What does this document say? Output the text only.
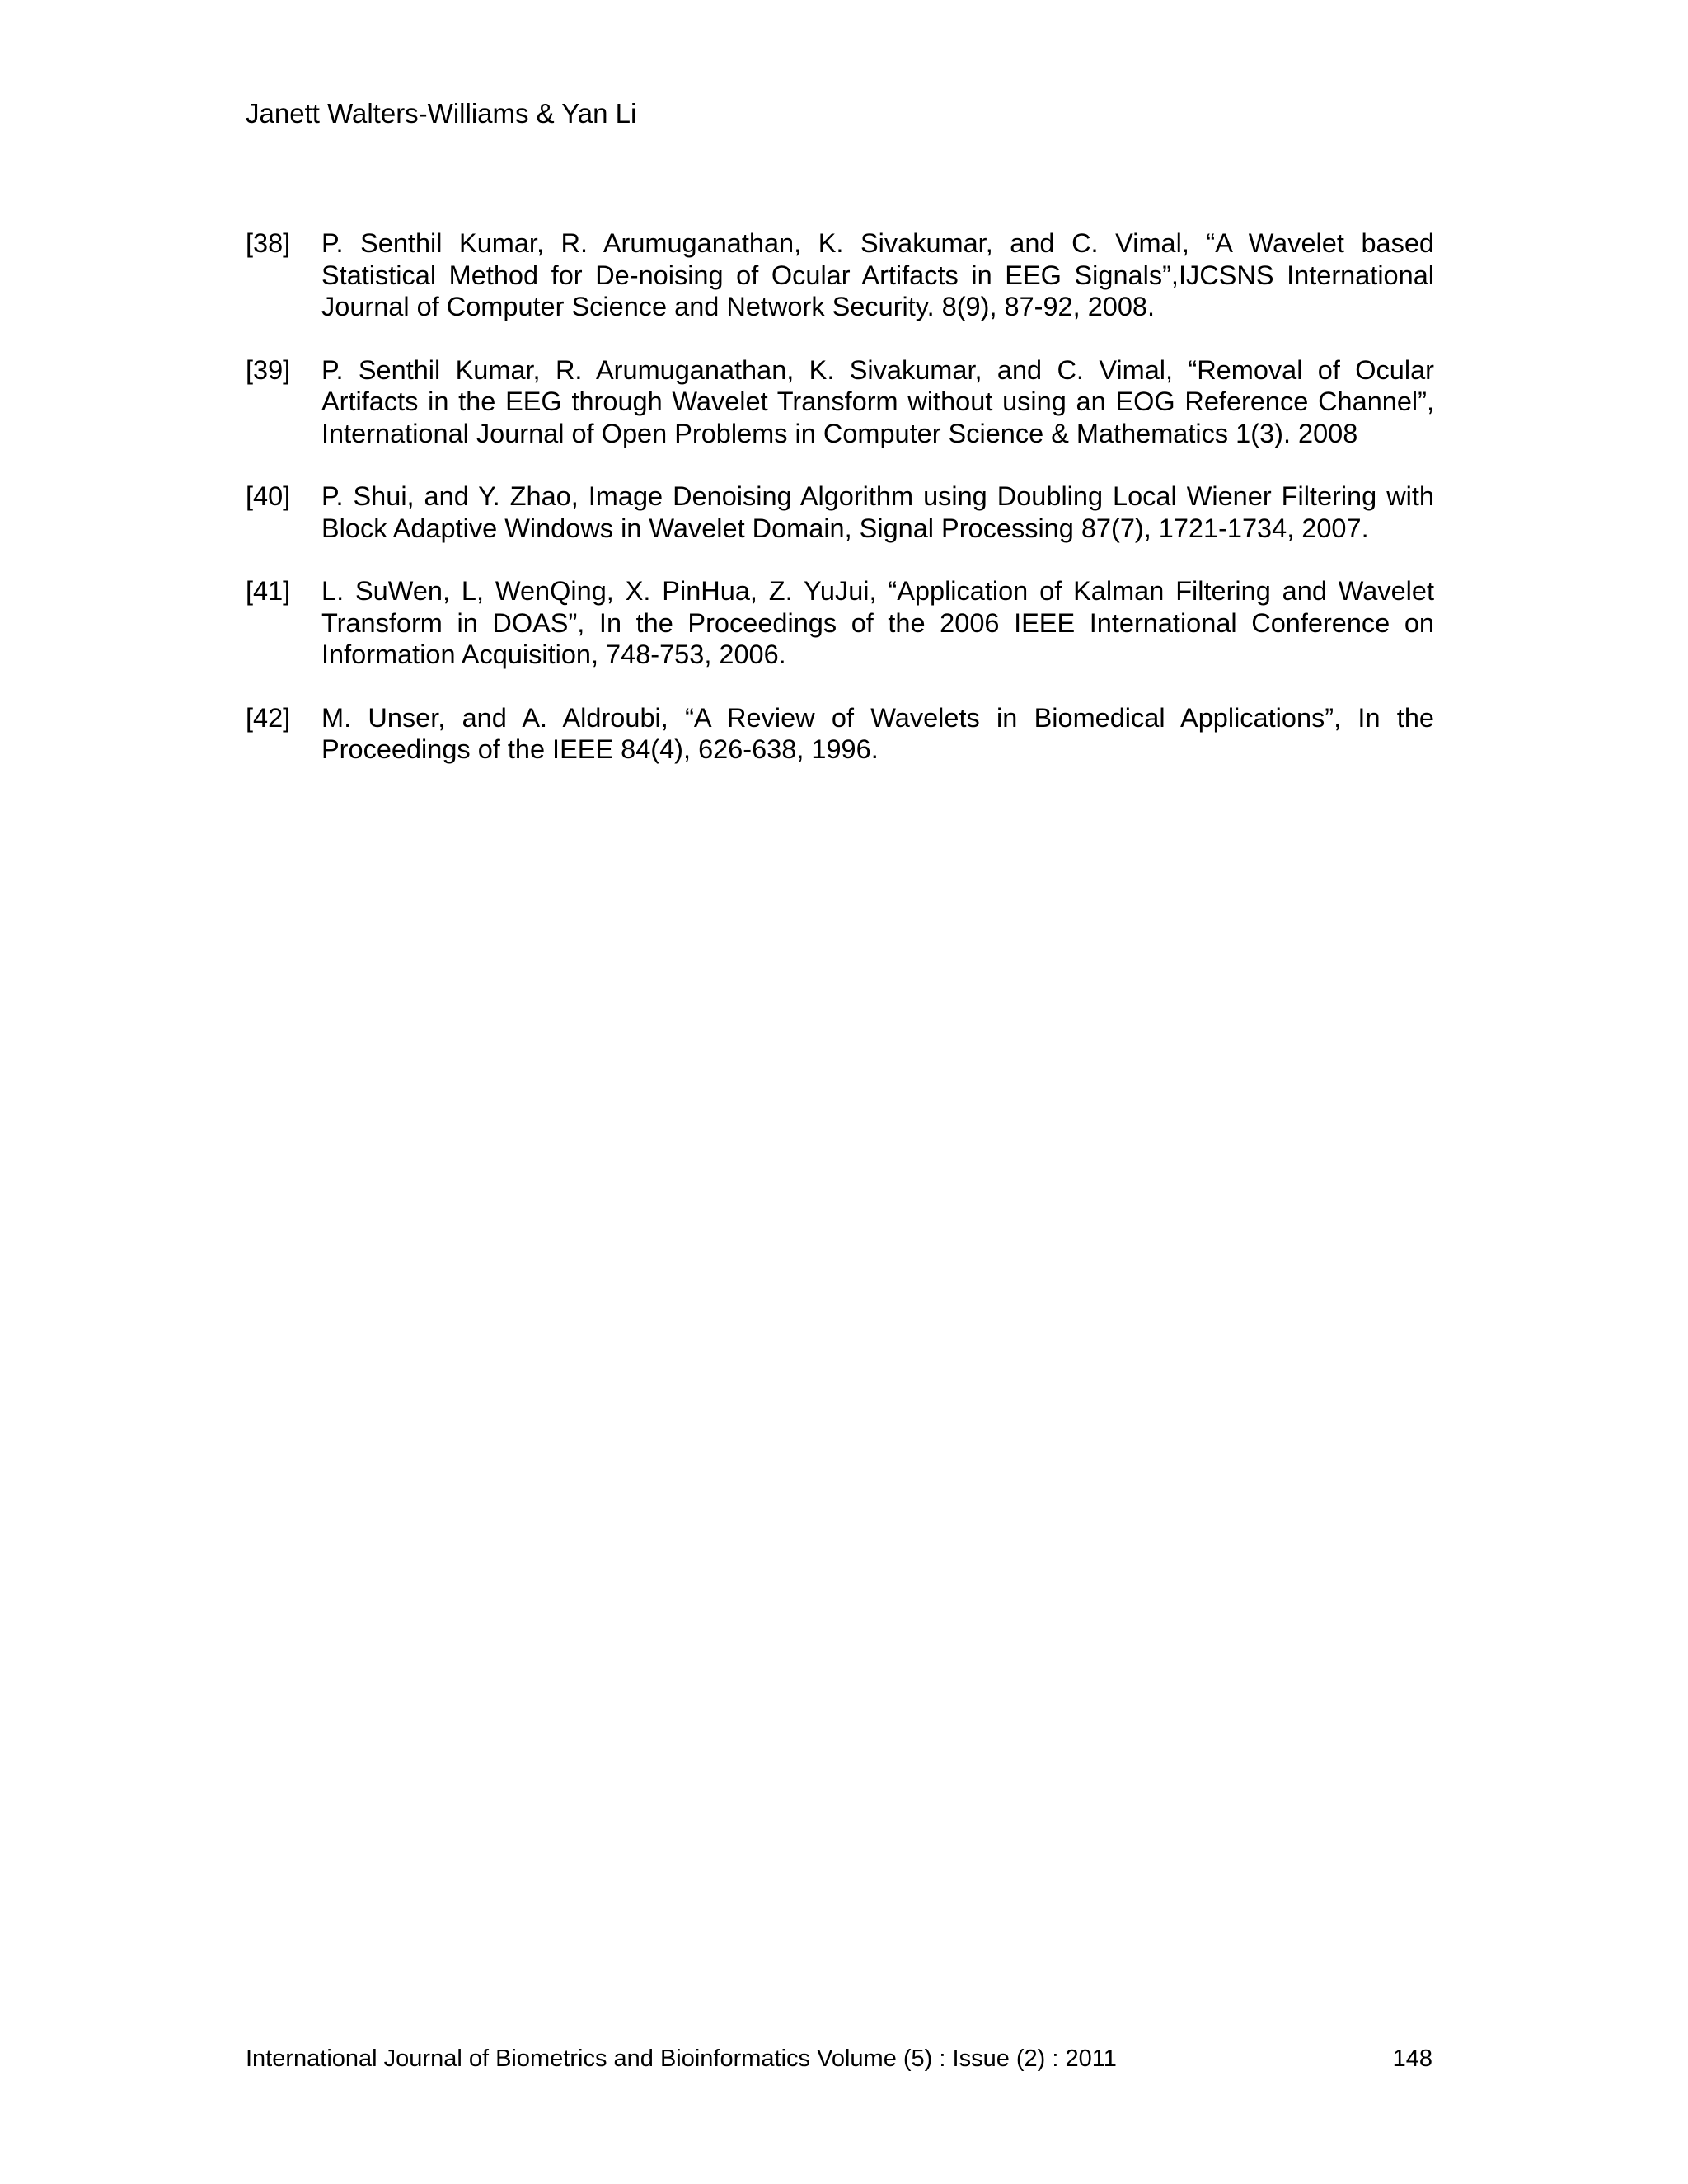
Janett Walters-Williams & Yan Li
[38] P. Senthil Kumar, R. Arumuganathan, K. Sivakumar, and C. Vimal, “A Wavelet based Statistical Method for De-noising of Ocular Artifacts in EEG Signals”,IJCSNS International Journal of Computer Science and Network Security. 8(9), 87-92, 2008.
[39] P. Senthil Kumar, R. Arumuganathan, K. Sivakumar, and C. Vimal, “Removal of Ocular Artifacts in the EEG through Wavelet Transform without using an EOG Reference Channel”, International Journal of Open Problems in Computer Science & Mathematics 1(3). 2008
[40] P. Shui, and Y. Zhao, Image Denoising Algorithm using Doubling Local Wiener Filtering with Block Adaptive Windows in Wavelet Domain, Signal Processing 87(7), 1721-1734, 2007.
[41] L. SuWen, L, WenQing, X. PinHua, Z. YuJui, “Application of Kalman Filtering and Wavelet Transform in DOAS”, In the Proceedings of the 2006 IEEE International Conference on Information Acquisition, 748-753, 2006.
[42] M. Unser, and A. Aldroubi, “A Review of Wavelets in Biomedical Applications”, In the Proceedings of the IEEE 84(4), 626-638, 1996.
International Journal of Biometrics and Bioinformatics Volume (5) : Issue (2) : 2011	148
